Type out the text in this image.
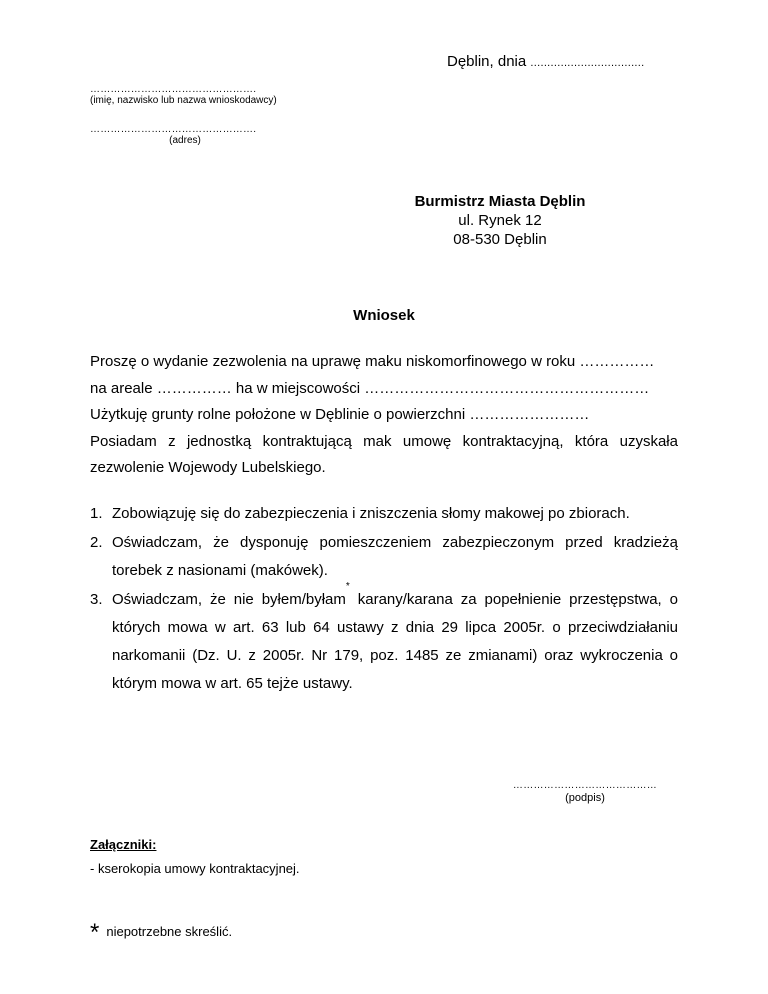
Dęblin, dnia ..................................
………………………………………….
(imię, nazwisko lub nazwa wnioskodawcy)
………………………………………….
(adres)
Burmistrz Miasta Dęblin
ul. Rynek 12
08-530 Dęblin
Wniosek
Proszę o wydanie zezwolenia na uprawę maku niskomorfinowego w roku ……………
na areale …………… ha w miejscowości …………………………………………………
Użytkuję grunty rolne położone w Dęblinie o powierzchni ……………………
Posiadam z jednostką kontraktującą mak umowę kontraktacyjną, która uzyskała zezwolenie Wojewody Lubelskiego.
1. Zobowiązuję się do zabezpieczenia i zniszczenia słomy makowej po zbiorach.
2. Oświadczam, że dysponuję pomieszczeniem zabezpieczonym przed kradzieżą torebek z nasionami (makówek).
3. Oświadczam, że nie byłem/byłam* karany/karana za popełnienie przestępstwa, o których mowa w art. 63 lub 64 ustawy z dnia 29 lipca 2005r. o przeciwdziałaniu narkomanii (Dz. U. z 2005r. Nr 179, poz. 1485 ze zmianami) oraz wykroczenia o którym mowa w art. 65 tejże ustawy.
……………………………………
(podpis)
Załączniki:
- kserokopia umowy kontraktacyjnej.
* niepotrzebne skreślić.
